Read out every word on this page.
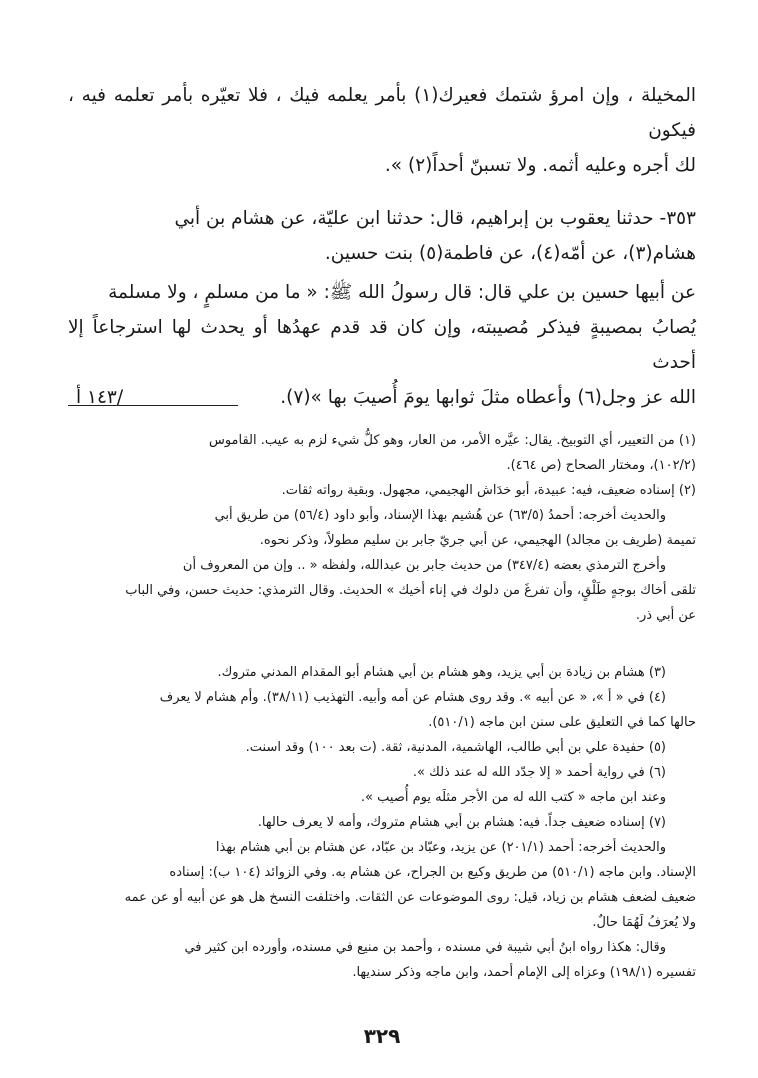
المخيلة ، وإن امرؤ شتمك فعيرك(١) بأمر يعلمه فيك ، فلا تعيّره بأمر تعلمه فيه ، فيكون

لك أجره وعليه أثمه. ولا تسبنّ أحداً(٢) ».

٣٥٣- حدثنا يعقوب بن إبراهيم، قال: حدثنا ابن عليّة، عن هشام بن أبي

هشام(٣)، عن أمّه(٤)، عن فاطمة(٥) بنت حسين.

عن أبيها حسين بن علي قال: قال رسولُ الله ﷺ: « ما من مسلمٍ ، ولا مسلمة

يُصابُ بمصيبةٍ فيذكر مُصيبته، وإن كان قد قدم عهدُها أو يحدث لها استرجاعاً إلا أحدث

الله عز وجل(٦) وأعطاه مثلَ ثوابها يومَ أُصيبَ بها »(٧).

/١٤٣ أ

(١) من التعيير، أي التوبيخ. يقال: عيَّره الأمر، من العار، وهو كلُّ شيء لزم به عيب. القاموس

(١٠٢/٢)، ومختار الصحاح (ص ٤٦٤).

(٢) إسناده ضعيف، فيه: عبيدة، أبو خدَاش الهجيمي، مجهول. وبقية رواته ثقات.

والحديث أخرجه: أحمدُ (٦٣/٥) عن هُشيم بهذا الإسناد، وأبو داود (٥٦/٤) من طريق أبي

تميمة (طريف بن مجالد) الهجيمي، عن أبي جريّ جابر بن سليم مطولاً، وذكر نحوه.

وأخرج الترمذي بعضه (٣٤٧/٤) من حديث جابر بن عبدالله، ولفظه « .. وإن من المعروف أن

تلقى أخاك بوجهٍ طَلْقٍ، وأن تفرغَ من دلوك في إناء أخيك » الحديث. وقال الترمذي: حديث حسن، وفي الباب

عن أبي ذر.

(٣) هشام بن زيادة بن أبي يزيد، وهو هشام بن أبي هشام أبو المقدام المدني متروك.

(٤) في « أ »، « عن أبيه ». وقد روى هشام عن أمه وأبيه. التهذيب (٣٨/١١). وأم هشام لا يعرف

حالها كما في التعليق على سنن ابن ماجه (٥١٠/١).

(٥) حفيدة علي بن أبي طالب، الهاشمية، المدنية، ثقة. (ت بعد ١٠٠) وقد اسنت.

(٦) في رواية أحمد « إلا جدّد الله له عند ذلك ».

وعند ابن ماجه « كتب الله له من الأجر مثلَه يوم أُصيب ».

(٧) إسناده ضعيف جداً. فيه: هشام بن أبي هشام متروك، وأمه لا يعرف حالها.

والحديث أخرجه: أحمد (٢٠١/١) عن يزيد، وعبّاد بن عبّاد، عن هشام بن أبي هشام بهذا

الإسناد. وابن ماجه (٥١٠/١) من طريق وكيع بن الجراح، عن هشام به. وفي الزوائد (١٠٤ ب): إسناده

ضعيف لضعف هشام بن زياد، قيل: روى الموضوعات عن الثقات. واختلفت النسخ هل هو عن أبيه أو عن عمه

ولا يُعرَفُ لَهُمَا حالٌ.

وقال: هكذا رواه ابنُ أبي شيبة في مسنده ، وأحمد بن منيع في مسنده، وأورده ابن كثير في

تفسيره (١٩٨/١) وعزاه إلى الإمام أحمد، وابن ماجه وذكر سنديها.

٣٢٩
